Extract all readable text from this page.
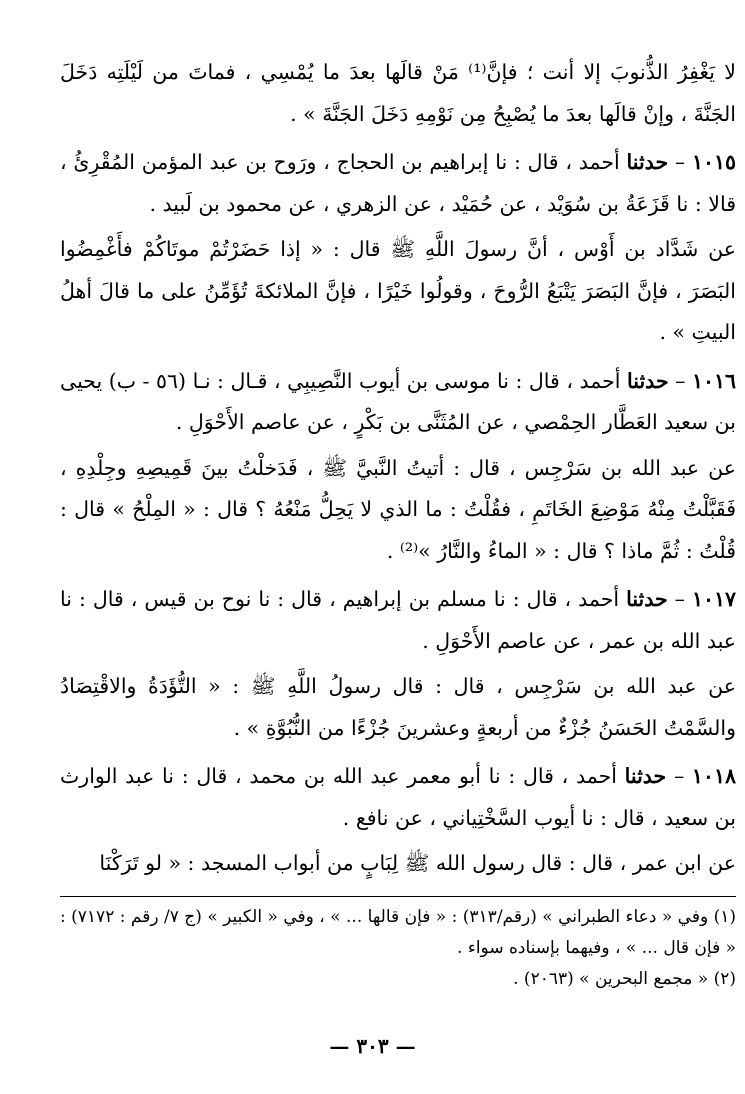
لا يَغْفِرُ الذُّنوبَ إلا أنت ؛ فإنَّ⁽¹⁾ مَنْ قالَها بعدَ ما يُمْسِي ، فماتَ من لَيْلَتِه دَخَلَ الجَنَّةَ ، وإنْ قالَها بعدَ ما يُصْبِحُ مِن نَوْمِهِ دَخَلَ الجَنَّةَ » .

١٠١٥ – حدثنا أحمد ، قال : نا إبراهيم بن الحجاج ، ورَوح بن عبد المؤمن المُقْرِئُ ، قالا : نا قَزَعَةُ بن سُوَيْد ، عن حُمَيْد ، عن الزهري ، عن محمود بن لَبيد .

عن شَدَّاد بن أَوْس ، أنَّ رسولَ اللَّهِ ﷺ قال : « إذا حَضَرْتُمْ موتَاكُمْ فأَغْمِضُوا البَصَرَ ، فإنَّ البَصَرَ يَتْبَعُ الرُّوحَ ، وقولُوا خَيْرًا ، فإنَّ الملائكةَ تُؤَمِّنُ على ما قالَ أهلُ البيتِ » .

١٠١٦ – حدثنا أحمد ، قال : نا موسى بن أيوب النَّصِيبِي ، قـال : نـا (٥٦ - ب) يحيى بن سعيد العَطَّار الحِمْصي ، عن المُثَنَّى بن بَكْرٍ ، عن عاصم الأَحْوَلِ .

عن عبد الله بن سَرْجِس ، قال : أتيتُ النَّبيَّ ﷺ ، فَدَخلْتُ بينَ قَمِيصِهِ وجِلْدِهِ ، فَقَبَّلْتُ مِنْهُ مَوْضِعَ الخَاتَمِ ، فقُلْتُ : ما الذي لا يَحِلُّ مَنْعُهُ ؟ قال : « المِلْحُ » قال : قُلْتُ : ثُمَّ ماذا ؟ قال : « الماءُ والنَّارُ »⁽²⁾ .

١٠١٧ – حدثنا أحمد ، قال : نا مسلم بن إبراهيم ، قال : نا نوح بن قيس ، قال : نا عبد الله بن عمر ، عن عاصم الأَحْوَلِ .

عن عبد الله بن سَرْجِس ، قال : قال رسولُ اللَّهِ ﷺ : « التُّؤَدَةُ والاقْتِصَادُ والسَّمْتُ الحَسَنُ جُزْءٌ من أربعةٍ وعشرينَ جُزْءًا من النُّبُوَّةِ » .

١٠١٨ – حدثنا أحمد ، قال : نا أبو معمر عبد الله بن محمد ، قال : نا عبد الوارث بن سعيد ، قال : نا أيوب السَّخْتِياني ، عن نافع .

عن ابن عمر ، قال : قال رسول الله ﷺ لِبَابٍ من أبواب المسجد : « لو تَرَكْنَا

(١) وفي « دعاء الطبراني » (رقم/٣١٣) : « فإن قالها ... » ، وفي « الكبير » (ج ٧/ رقم : ٧١٧٢) : « فإن قال ... » ، وفيهما بإسناده سواء .

(٢) « مجمع البحرين » (٢٠٦٣) .

— ٣٠٣ —
